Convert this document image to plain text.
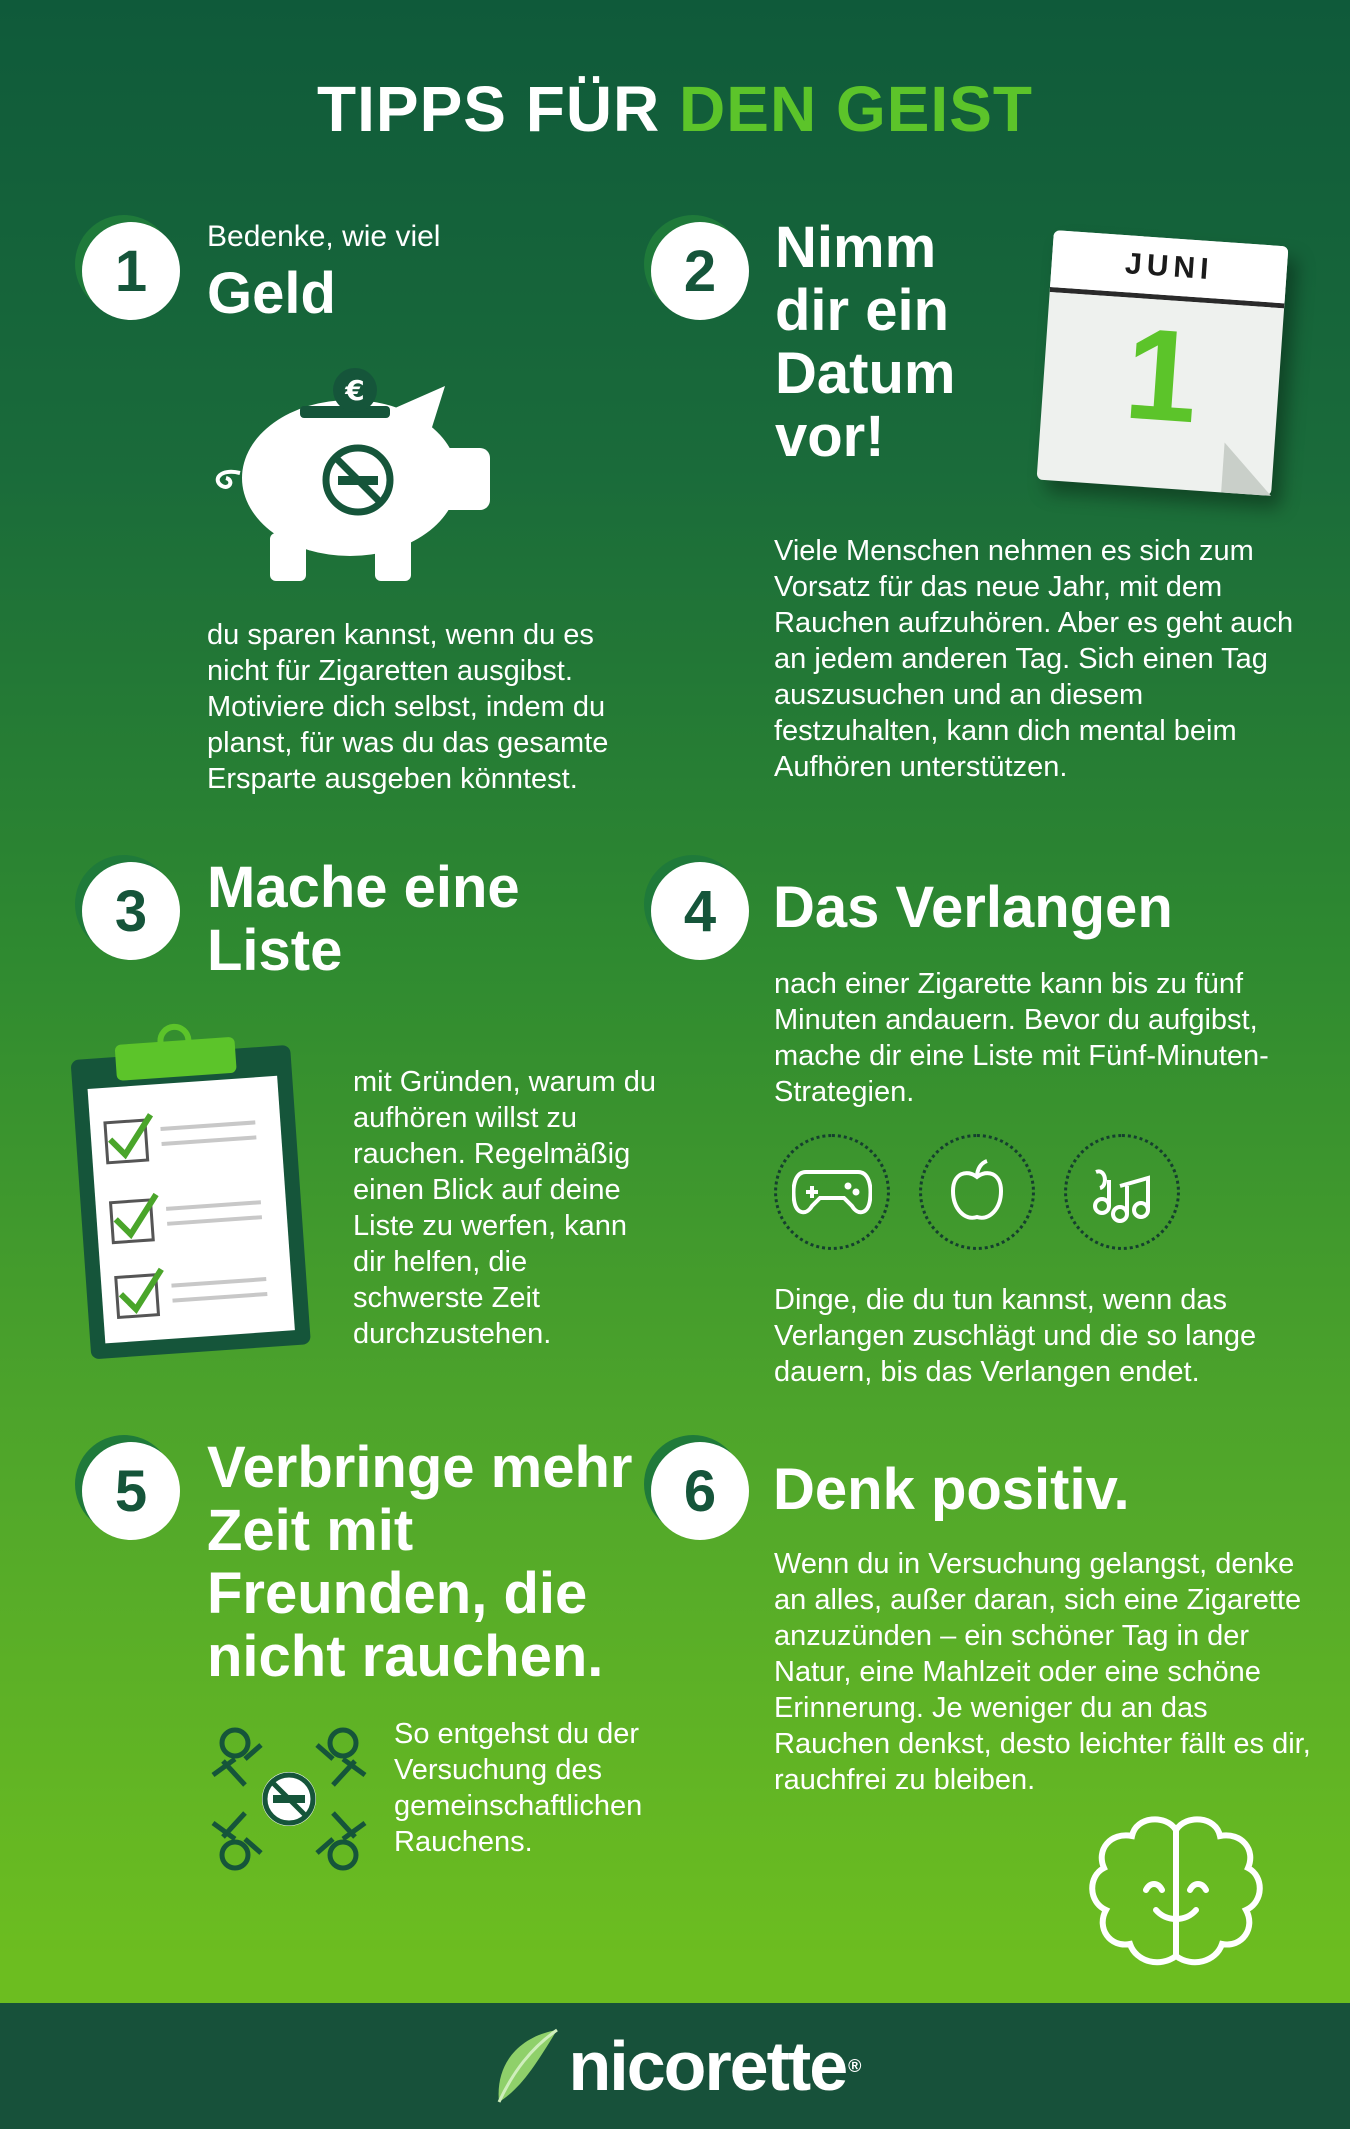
TIPPS FÜR DEN GEIST
1
Bedenke, wie viel
Geld
€
du sparen kannst, wenn du es nicht für Zigaretten ausgibst. Motiviere dich selbst, indem du planst, für was du das gesamte Ersparte ausgeben könntest.
2	Nimm dir ein Datum vor!
JUNI
1
Viele Menschen nehmen es sich zum Vorsatz für das neue Jahr, mit dem Rauchen aufzuhören. Aber es geht auch an jedem anderen Tag. Sich einen Tag auszusuchen und an diesem festzuhalten, kann dich mental beim Aufhören unterstützen.
3	Mache eine Liste
mit Gründen, warum du aufhören willst zu rauchen. Regelmäßig einen Blick auf deine Liste zu werfen, kann dir helfen, die schwerste Zeit durchzustehen.
4 Das Verlangen
nach einer Zigarette kann bis zu fünf Minuten andauern. Bevor du aufgibst, mache dir eine Liste mit Fünf-Minuten- Strategien.
Dinge, die du tun kannst, wenn das Verlangen zuschlägt und die so lange dauern, bis das Verlangen endet.
5	Verbringe mehr Zeit mit Freunden, die nicht rauchen.
So entgehst du der Versuchung des gemeinschaftlichen Rauchens.
6 Denk positiv.
Wenn du in Versuchung gelangst, denke an alles, außer daran, sich eine Zigarette anzuzünden – ein schöner Tag in der Natur, eine Mahlzeit oder eine schöne Erinnerung. Je weniger du an das Rauchen denkst, desto leichter fällt es dir, rauchfrei zu bleiben.
nicorette ®
